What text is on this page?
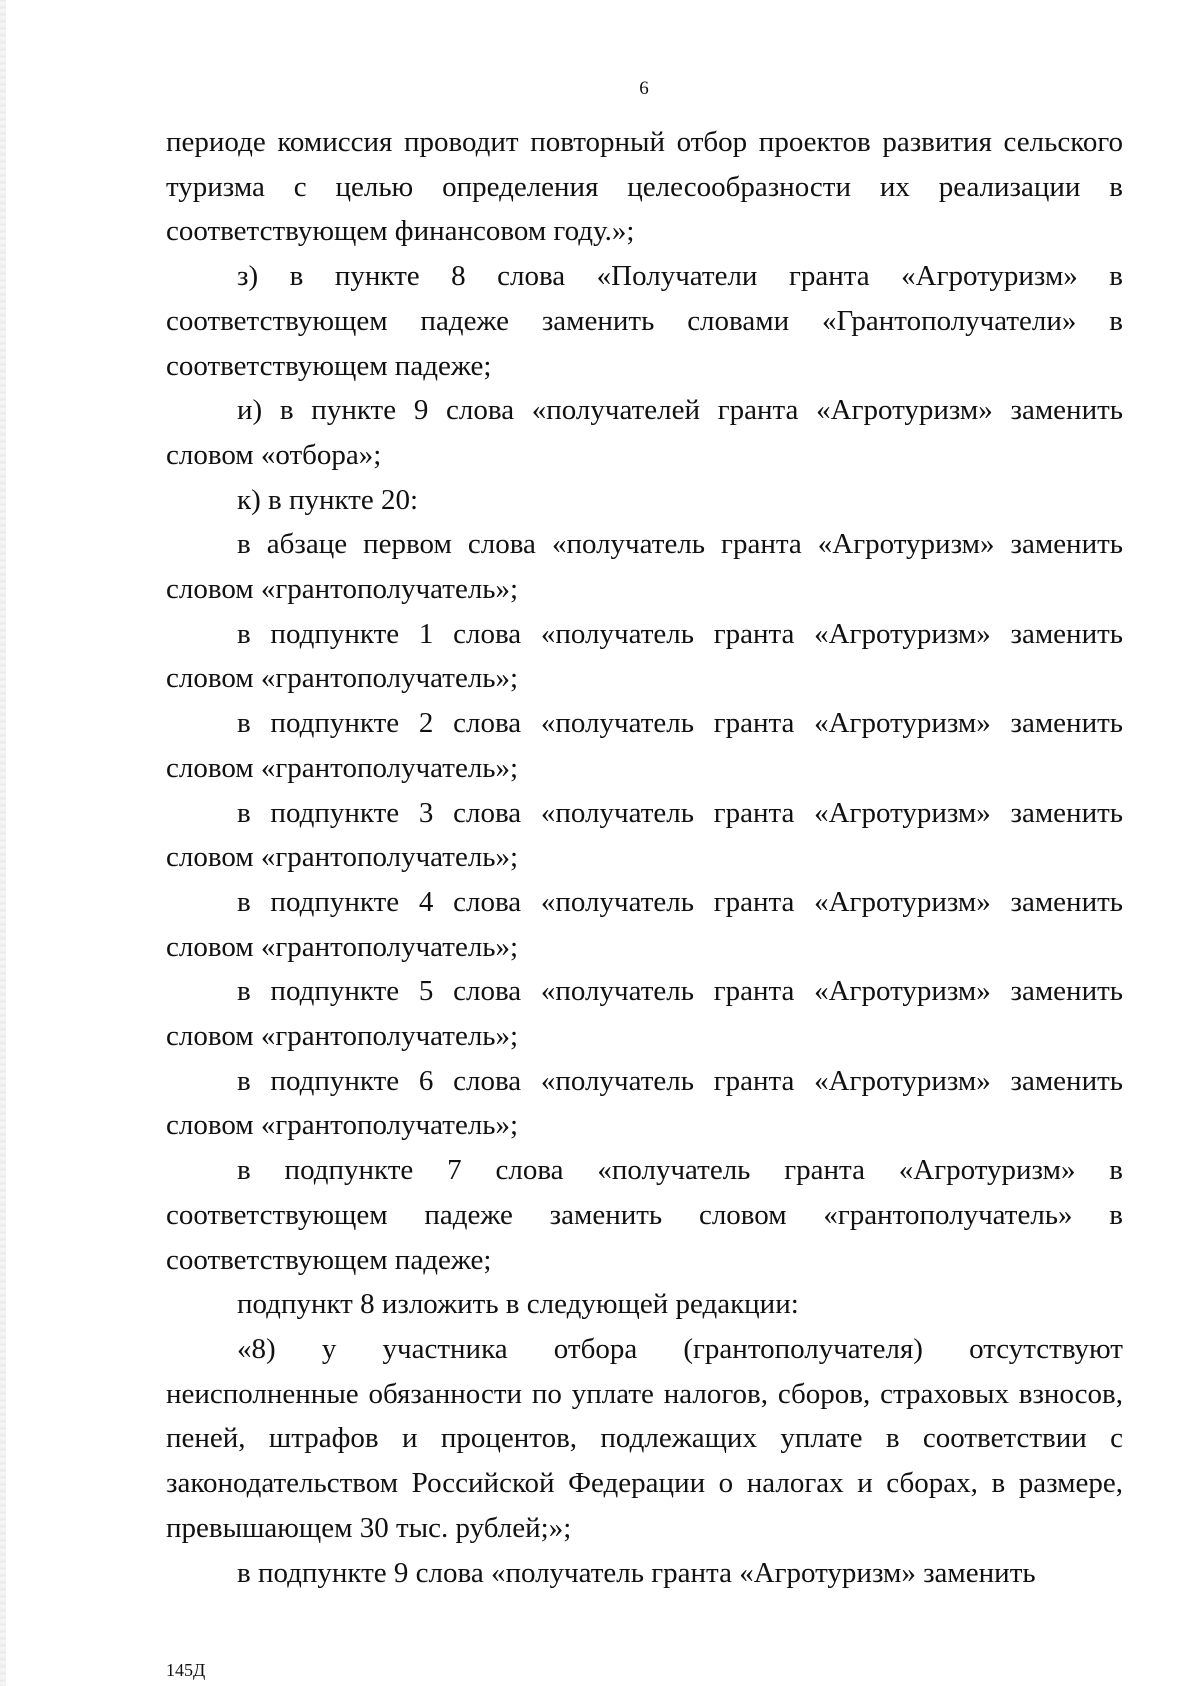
6

периоде комиссия проводит повторный отбор проектов развития сельского туризма с целью определения целесообразности их реализации в соответствующем финансовом году.»;

з) в пункте 8 слова «Получатели гранта «Агротуризм» в соответствующем падеже заменить словами «Грантополучатели» в соответствующем падеже;

и) в пункте 9 слова «получателей гранта «Агротуризм» заменить словом «отбора»;

к) в пункте 20:

в абзаце первом слова «получатель гранта «Агротуризм» заменить словом «грантополучатель»;

в подпункте 1 слова «получатель гранта «Агротуризм» заменить словом «грантополучатель»;

в подпункте 2 слова «получатель гранта «Агротуризм» заменить словом «грантополучатель»;

в подпункте 3 слова «получатель гранта «Агротуризм» заменить словом «грантополучатель»;

в подпункте 4 слова «получатель гранта «Агротуризм» заменить словом «грантополучатель»;

в подпункте 5 слова «получатель гранта «Агротуризм» заменить словом «грантополучатель»;

в подпункте 6 слова «получатель гранта «Агротуризм» заменить словом «грантополучатель»;

в подпункте 7 слова «получатель гранта «Агротуризм» в соответствующем падеже заменить словом «грантополучатель» в соответствующем падеже;

подпункт 8 изложить в следующей редакции:

«8) у участника отбора (грантополучателя) отсутствуют неисполненные обязанности по уплате налогов, сборов, страховых взносов, пеней, штрафов и процентов, подлежащих уплате в соответствии с законодательством Российской Федерации о налогах и сборах, в размере, превышающем 30 тыс. рублей;»;

в подпункте 9 слова «получатель гранта «Агротуризм» заменить

145Д
